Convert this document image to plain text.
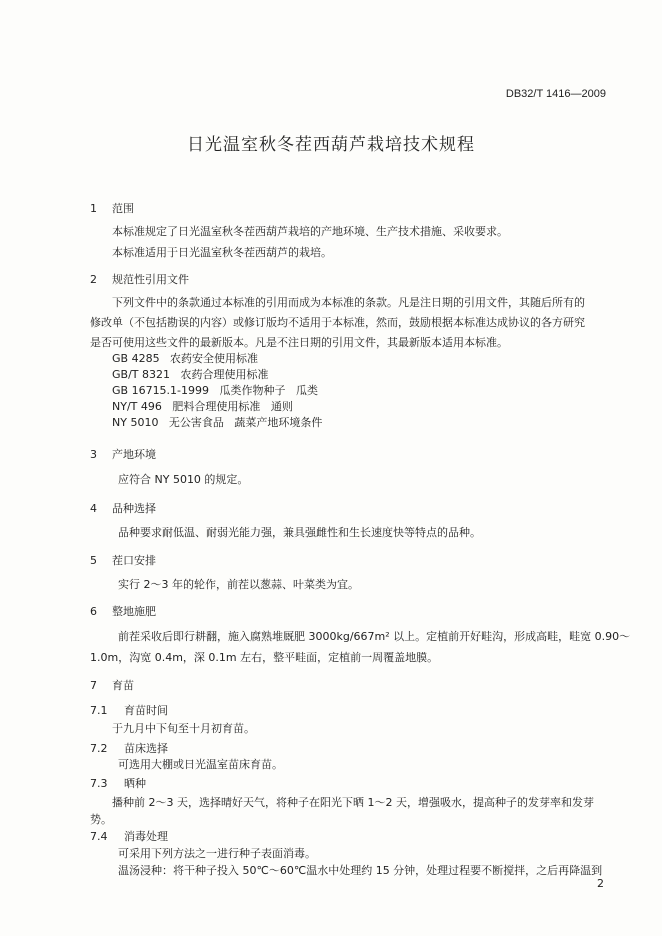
DB32/T 1416—2009
日光温室秋冬茬西葫芦栽培技术规程
1 范围
本标准规定了日光温室秋冬茬西葫芦栽培的产地环境、生产技术措施、采收要求。
本标准适用于日光温室秋冬茬西葫芦的栽培。
2 规范性引用文件
下列文件中的条款通过本标准的引用而成为本标准的条款。凡是注日期的引用文件，其随后所有的
修改单（不包括勘误的内容）或修订版均不适用于本标准，然而，鼓励根据本标准达成协议的各方研究
是否可使用这些文件的最新版本。凡是不注日期的引用文件，其最新版本适用本标准。
GB 4285   农药安全使用标准
GB/T 8321   农药合理使用标准
GB 16715.1-1999   瓜类作物种子   瓜类
NY/T 496   肥料合理使用标准   通则
NY 5010   无公害食品   蔬菜产地环境条件
3 产地环境
应符合 NY 5010 的规定。
4 品种选择
品种要求耐低温、耐弱光能力强，兼具强雌性和生长速度快等特点的品种。
5 茬口安排
实行 2～3 年的轮作，前茬以葱蒜、叶菜类为宜。
6 整地施肥
前茬采收后即行耕翻，施入腐熟堆厩肥 3000kg/667m² 以上。定植前开好畦沟，形成高畦，畦宽 0.90～
1.0m，沟宽 0.4m，深 0.1m 左右，整平畦面，定植前一周覆盖地膜。
7 育苗
7.1 育苗时间
于九月中下旬至十月初育苗。
7.2 苗床选择
可选用大棚或日光温室苗床育苗。
7.3 晒种
播种前 2～3 天，选择晴好天气，将种子在阳光下晒 1～2 天，增强吸水，提高种子的发芽率和发芽
势。
7.4 消毒处理
可采用下列方法之一进行种子表面消毒。
温汤浸种：将干种子投入 50℃～60℃温水中处理约 15 分钟，处理过程要不断搅拌，之后再降温到
2
